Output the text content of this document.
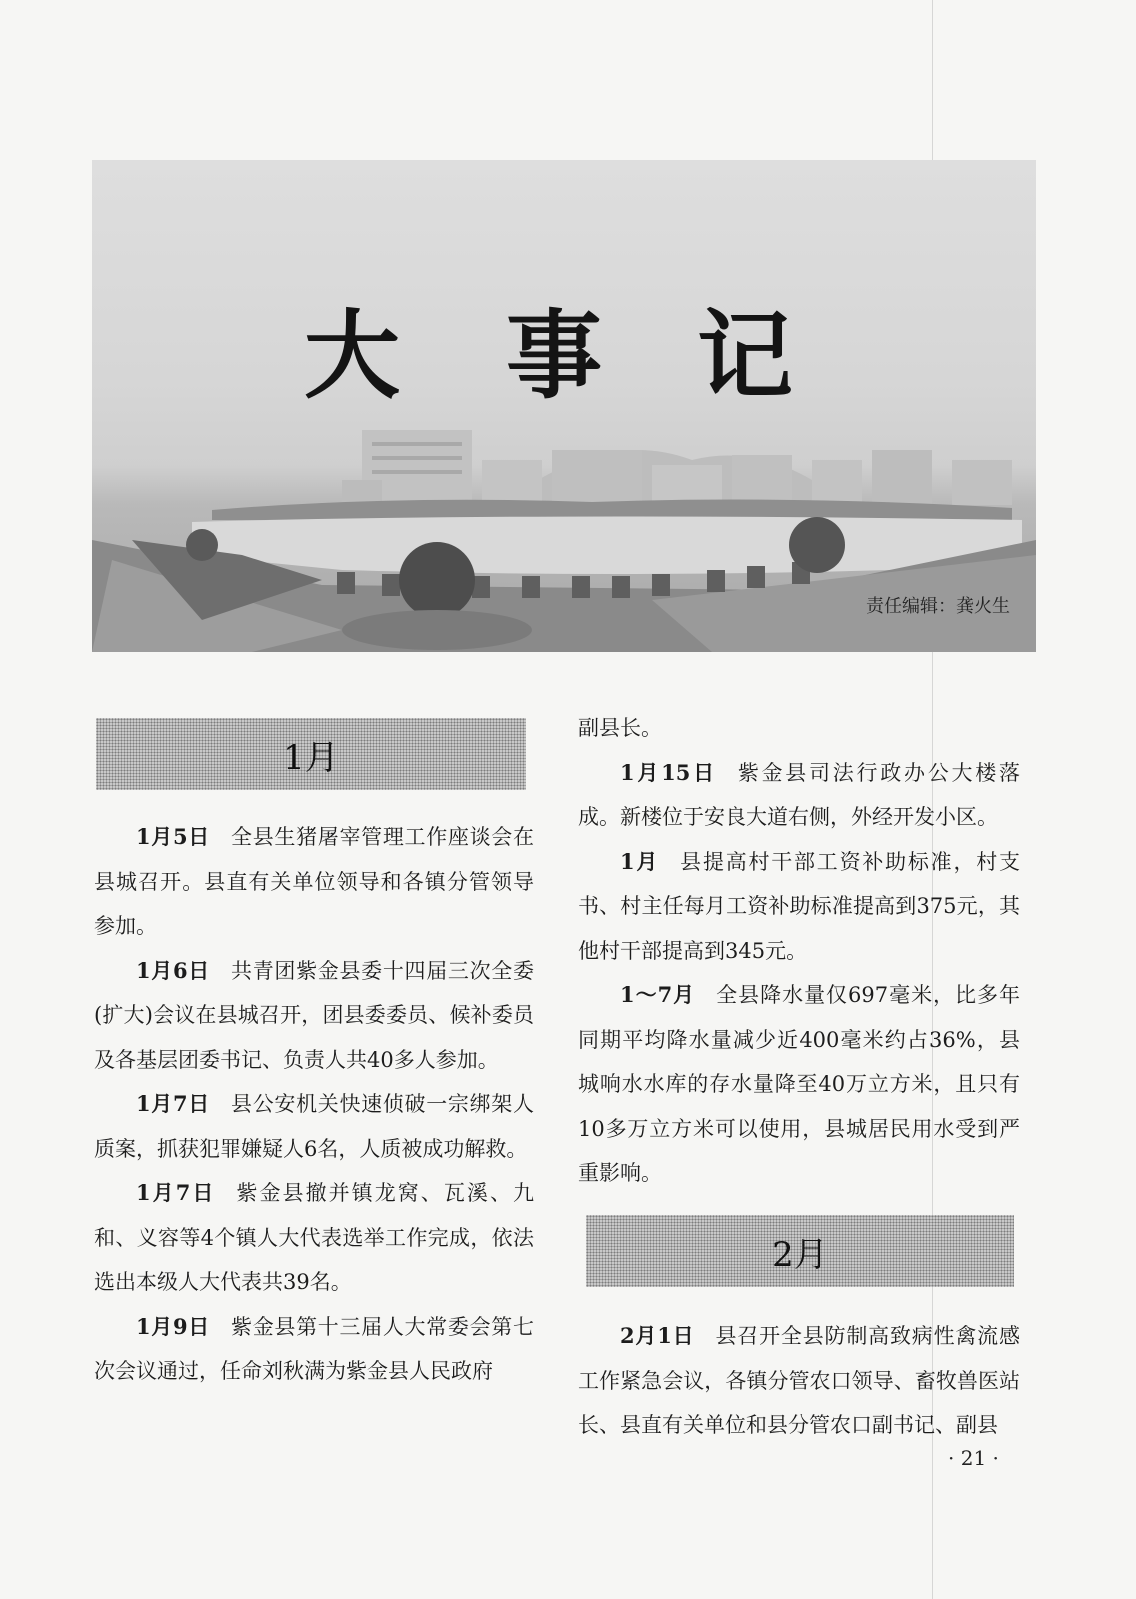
大 事 记
责任编辑：龚火生
1月

1月5日 全县生猪屠宰管理工作座谈会在县城召开。县直有关单位领导和各镇分管领导参加。

1月6日 共青团紫金县委十四届三次全委(扩大)会议在县城召开，团县委委员、候补委员及各基层团委书记、负责人共40多人参加。

1月7日 县公安机关快速侦破一宗绑架人质案，抓获犯罪嫌疑人6名，人质被成功解救。

1月7日 紫金县撤并镇龙窝、瓦溪、九和、义容等4个镇人大代表选举工作完成，依法选出本级人大代表共39名。

1月9日 紫金县第十三届人大常委会第七次会议通过，任命刘秋满为紫金县人民政府

副县长。

1月15日 紫金县司法行政办公大楼落成。新楼位于安良大道右侧，外经开发小区。

1月 县提高村干部工资补助标准，村支书、村主任每月工资补助标准提高到375元，其他村干部提高到345元。

1～7月 全县降水量仅697毫米，比多年同期平均降水量减少近400毫米约占36%，县城响水水库的存水量降至40万立方米，且只有10多万立方米可以使用，县城居民用水受到严重影响。

2月

2月1日 县召开全县防制高致病性禽流感工作紧急会议，各镇分管农口领导、畜牧兽医站长、县直有关单位和县分管农口副书记、副县

· 21 ·
